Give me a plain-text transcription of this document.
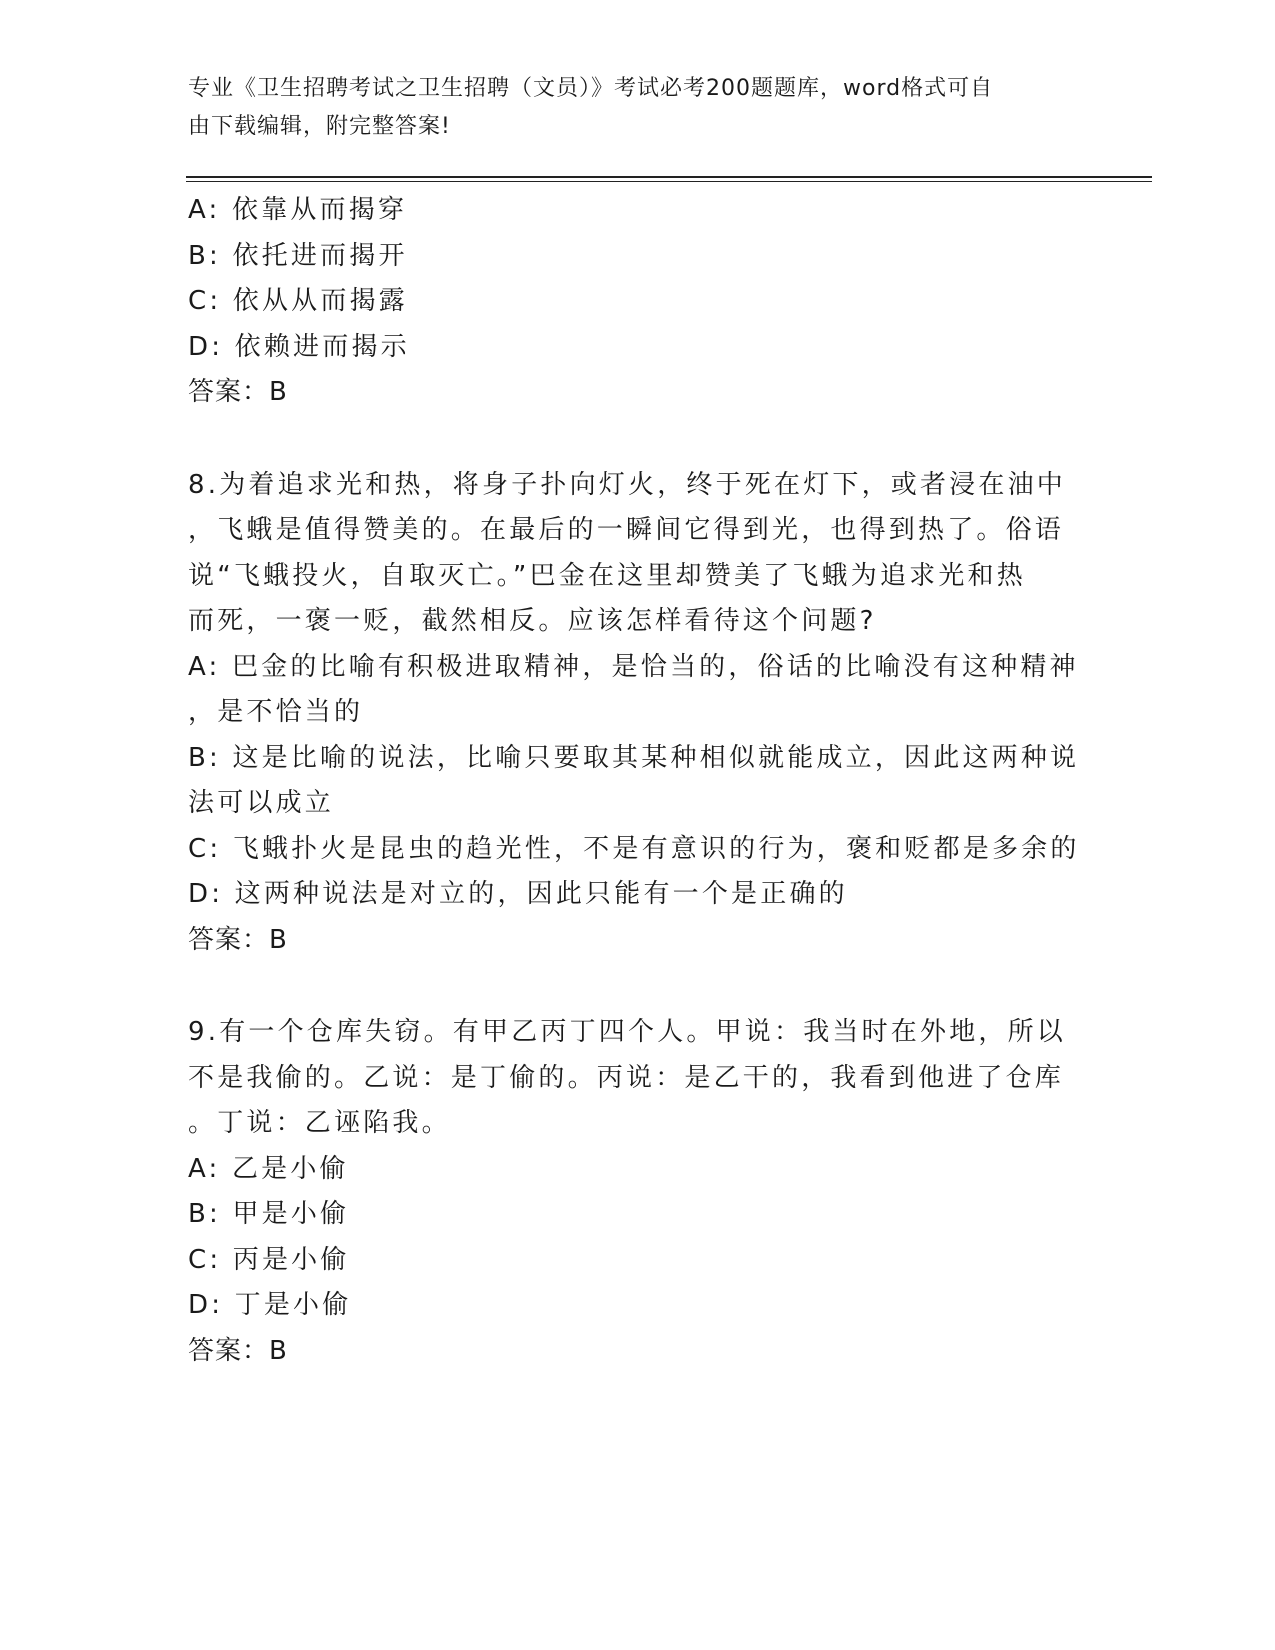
专业《卫生招聘考试之卫生招聘（文员）》考试必考200题题库，word格式可自
由下载编辑，附完整答案!
A: 依靠从而揭穿
B: 依托进而揭开
C: 依从从而揭露
D: 依赖进而揭示
答案：B
8.为着追求光和热，将身子扑向灯火，终于死在灯下，或者浸在油中
，飞蛾是值得赞美的。在最后的一瞬间它得到光，也得到热了。俗语
说“飞蛾投火，自取灭亡。”巴金在这里却赞美了飞蛾为追求光和热
而死，一褒一贬，截然相反。应该怎样看待这个问题?
A: 巴金的比喻有积极进取精神，是恰当的，俗话的比喻没有这种精神
，是不恰当的
B: 这是比喻的说法，比喻只要取其某种相似就能成立，因此这两种说
法可以成立
C: 飞蛾扑火是昆虫的趋光性，不是有意识的行为，褒和贬都是多余的
D: 这两种说法是对立的，因此只能有一个是正确的
答案：B
9.有一个仓库失窃。有甲乙丙丁四个人。甲说：我当时在外地，所以
不是我偷的。乙说：是丁偷的。丙说：是乙干的，我看到他进了仓库
。丁说：乙诬陷我。
A: 乙是小偷
B: 甲是小偷
C: 丙是小偷
D: 丁是小偷
答案：B
